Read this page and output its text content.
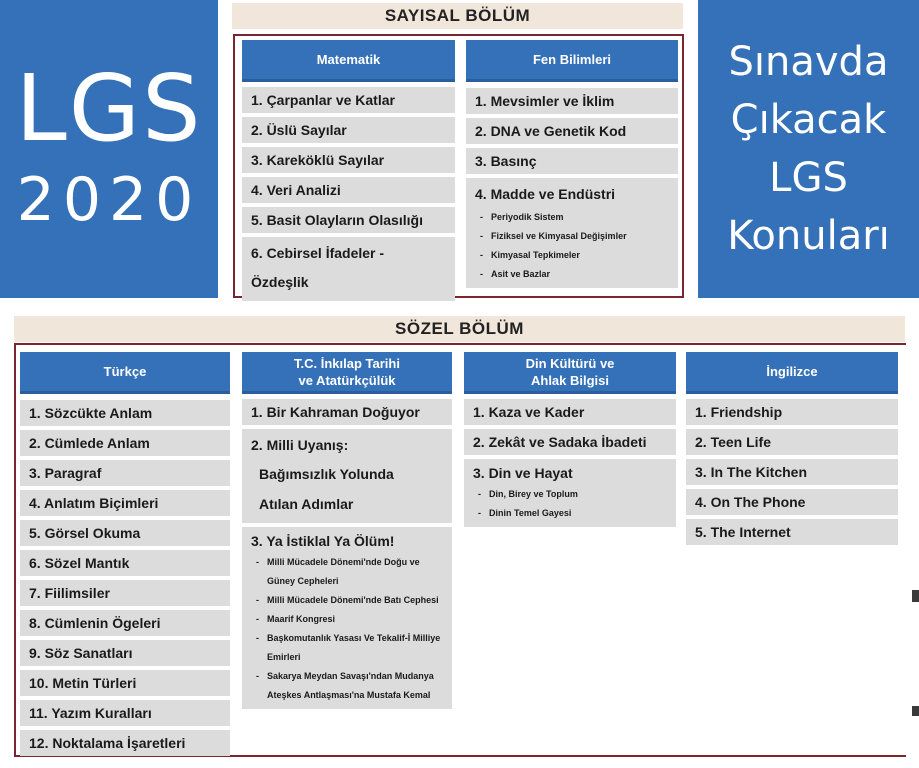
LGS
2020
Sınavda
Çıkacak
LGS
Konuları
SAYISAL BÖLÜM
Matematik
1. Çarpanlar ve Katlar
2. Üslü Sayılar
3. Kareköklü Sayılar
4. Veri Analizi
5. Basit Olayların Olasılığı
6. Cebirsel İfadeler -
Özdeşlik
Fen Bilimleri
1. Mevsimler ve İklim
2. DNA ve Genetik Kod
3. Basınç
4. Madde ve Endüstri
- Periyodik Sistem
- Fiziksel ve Kimyasal Değişimler
- Kimyasal Tepkimeler
- Asit ve Bazlar
SÖZEL BÖLÜM
Türkçe
1. Sözcükte Anlam
2. Cümlede Anlam
3. Paragraf
4. Anlatım Biçimleri
5. Görsel Okuma
6. Sözel Mantık
7. Fiilimsiler
8. Cümlenin Ögeleri
9. Söz Sanatları
10. Metin Türleri
11. Yazım Kuralları
12. Noktalama İşaretleri
T.C. İnkılap Tarihi
ve Atatürkçülük
1. Bir Kahraman Doğuyor
2. Milli Uyanış:
Bağımsızlık Yolunda
Atılan Adımlar
3. Ya İstiklal Ya Ölüm!
- Milli Mücadele Dönemi'nde Doğu ve Güney Cepheleri
- Milli Mücadele Dönemi'nde Batı Cephesi
- Maarif Kongresi
- Başkomutanlık Yasası Ve Tekalif-İ Milliye Emirleri
- Sakarya Meydan Savaşı'ndan Mudanya Ateşkes Antlaşması'na Mustafa Kemal
Din Kültürü ve
Ahlak Bilgisi
1. Kaza ve Kader
2. Zekât ve Sadaka İbadeti
3. Din ve Hayat
- Din, Birey ve Toplum
- Dinin Temel Gayesi
İngilizce
1. Friendship
2. Teen Life
3. In The Kitchen
4. On The Phone
5. The Internet
